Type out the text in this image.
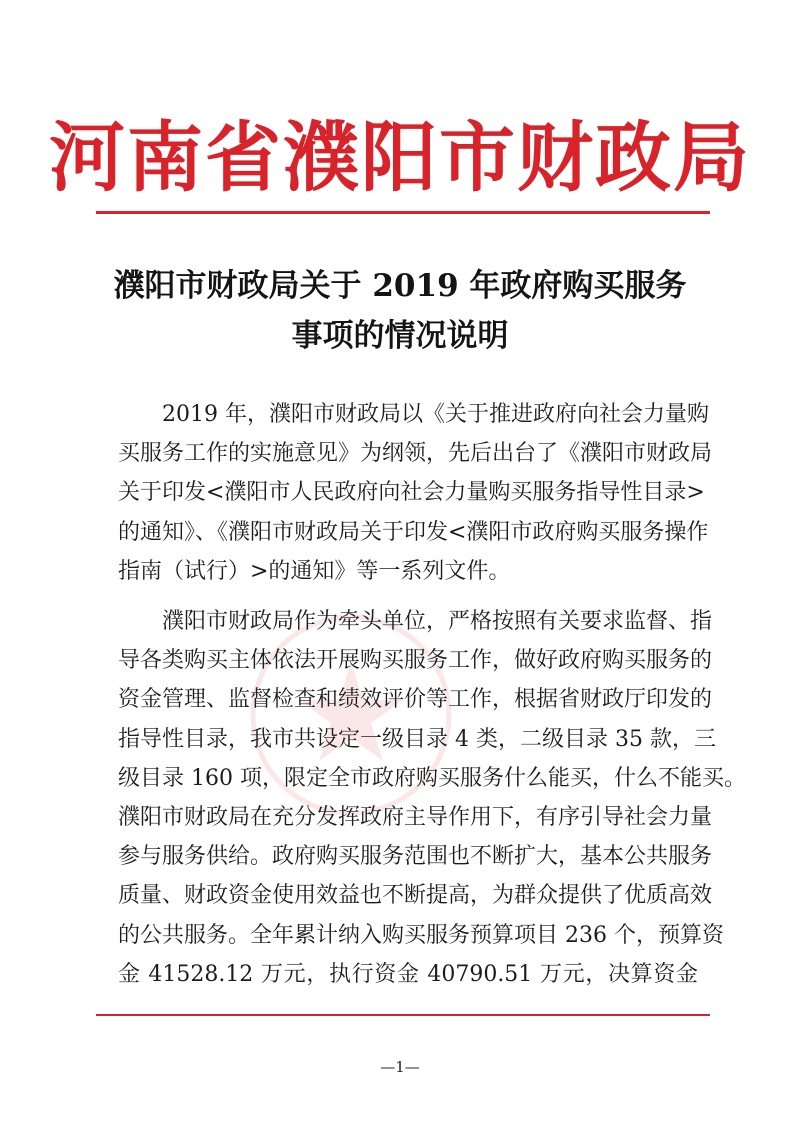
河南省濮阳市财政局
濮阳市财政局关于 2019 年政府购买服务
事项的情况说明
　　2019 年，濮阳市财政局以《关于推进政府向社会力量购
买服务工作的实施意见》为纲领，先后出台了《濮阳市财政局
关于印发<濮阳市人民政府向社会力量购买服务指导性目录>
的通知》、《濮阳市财政局关于印发<濮阳市政府购买服务操作
指南（试行）>的通知》等一系列文件。
　　濮阳市财政局作为牵头单位，严格按照有关要求监督、指
导各类购买主体依法开展购买服务工作，做好政府购买服务的
资金管理、监督检查和绩效评价等工作，根据省财政厅印发的
指导性目录，我市共设定一级目录 4 类，二级目录 35 款，三
级目录 160 项，限定全市政府购买服务什么能买，什么不能买。
濮阳市财政局在充分发挥政府主导作用下，有序引导社会力量
参与服务供给。政府购买服务范围也不断扩大，基本公共服务
质量、财政资金使用效益也不断提高，为群众提供了优质高效
的公共服务。全年累计纳入购买服务预算项目 236 个，预算资
金 41528.12 万元，执行资金 40790.51 万元，决算资金
—1—
